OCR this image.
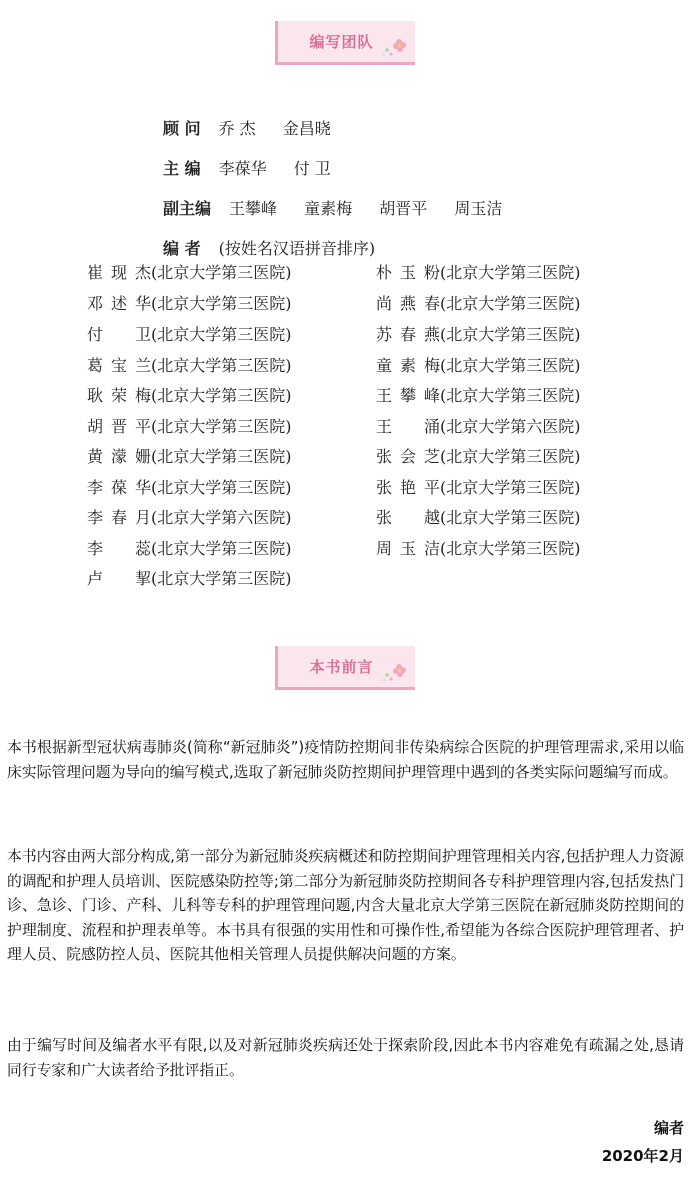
编写团队
顾 问 乔 杰 金昌晓
主 编 李葆华 付 卫
副主编 王攀峰 童素梅 胡晋平 周玉洁
编 者 (按姓名汉语拼音排序)
崔现杰(北京大学第三医院)	朴玉粉(北京大学第三医院)
邓述华(北京大学第三医院)	尚燕春(北京大学第三医院)
付卫(北京大学第三医院)	苏春燕(北京大学第三医院)
葛宝兰(北京大学第三医院)	童素梅(北京大学第三医院)
耿荣梅(北京大学第三医院)	王攀峰(北京大学第三医院)
胡晋平(北京大学第三医院)	王涌(北京大学第六医院)
黄濛姗(北京大学第三医院)	张会芝(北京大学第三医院)
李葆华(北京大学第三医院)	张艳平(北京大学第三医院)
李春月(北京大学第六医院)	张越(北京大学第三医院)
李蕊(北京大学第三医院)	周玉洁(北京大学第三医院)
卢挈(北京大学第三医院)
本书前言

本书根据新型冠状病毒肺炎(简称“新冠肺炎”)疫情防控期间非传染病综合医院的护理管理需求,采用以临床实际管理问题为导向的编写模式,选取了新冠肺炎防控期间护理管理中遇到的各类实际问题编写而成。

本书内容由两大部分构成,第一部分为新冠肺炎疾病概述和防控期间护理管理相关内容,包括护理人力资源的调配和护理人员培训、医院感染防控等;第二部分为新冠肺炎防控期间各专科护理管理内容,包括发热门诊、急诊、门诊、产科、儿科等专科的护理管理问题,内含大量北京大学第三医院在新冠肺炎防控期间的护理制度、流程和护理表单等。本书具有很强的实用性和可操作性,希望能为各综合医院护理管理者、护理人员、院感防控人员、医院其他相关管理人员提供解决问题的方案。

由于编写时间及编者水平有限,以及对新冠肺炎疾病还处于探索阶段,因此本书内容难免有疏漏之处,恳请同行专家和广大读者给予批评指正。

编者
2020年2月
